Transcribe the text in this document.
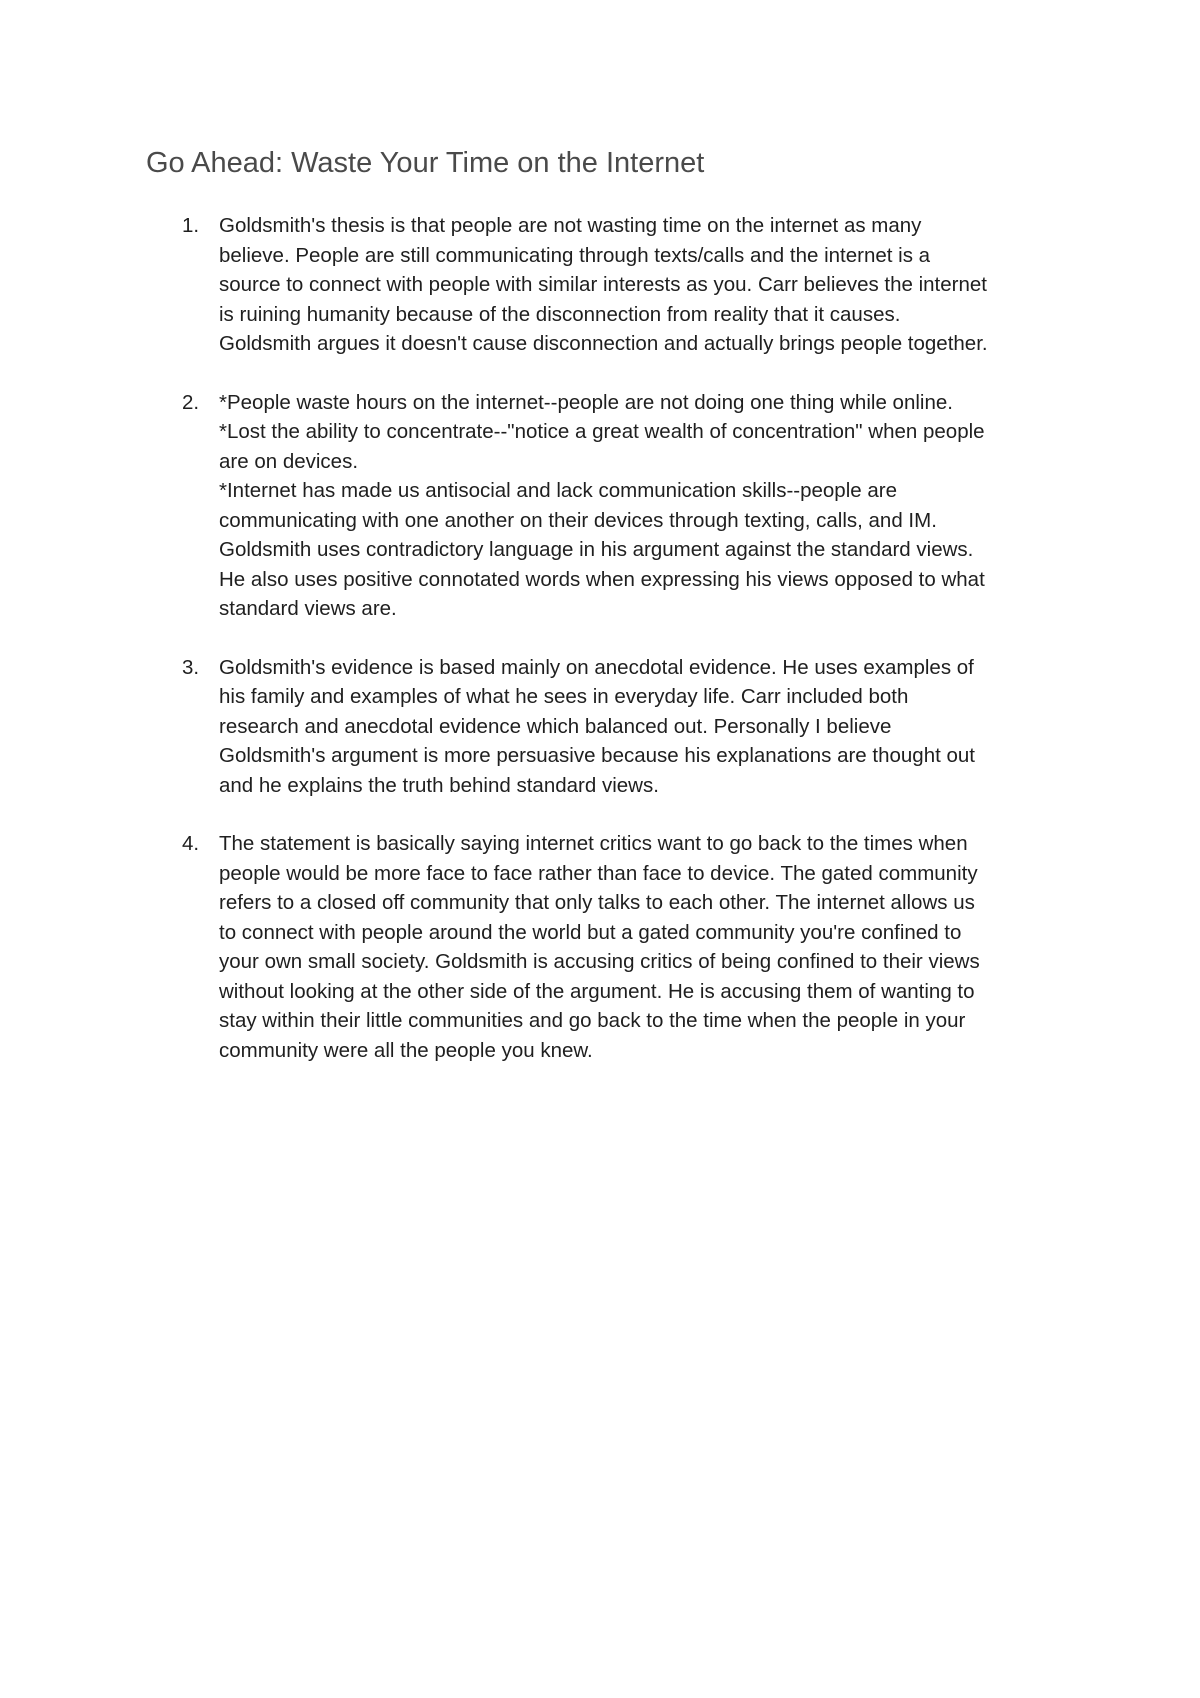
Go Ahead: Waste Your Time on the Internet
1. Goldsmith's thesis is that people are not wasting time on the internet as many
believe. People are still communicating through texts/calls and the internet is a
source to connect with people with similar interests as you. Carr believes the internet
is ruining humanity because of the disconnection from reality that it causes.
Goldsmith argues it doesn't cause disconnection and actually brings people together.
2. *People waste hours on the internet--people are not doing one thing while online.
*Lost the ability to concentrate--"notice a great wealth of concentration" when people
are on devices.
*Internet has made us antisocial and lack communication skills--people are
communicating with one another on their devices through texting, calls, and IM.
Goldsmith uses contradictory language in his argument against the standard views.
He also uses positive connotated words when expressing his views opposed to what
standard views are.
3. Goldsmith's evidence is based mainly on anecdotal evidence. He uses examples of
his family and examples of what he sees in everyday life. Carr included both
research and anecdotal evidence which balanced out. Personally I believe
Goldsmith's argument is more persuasive because his explanations are thought out
and he explains the truth behind standard views.
4. The statement is basically saying internet critics want to go back to the times when
people would be more face to face rather than face to device. The gated community
refers to a closed off community that only talks to each other. The internet allows us
to connect with people around the world but a gated community you're confined to
your own small society. Goldsmith is accusing critics of being confined to their views
without looking at the other side of the argument. He is accusing them of wanting to
stay within their little communities and go back to the time when the people in your
community were all the people you knew.
